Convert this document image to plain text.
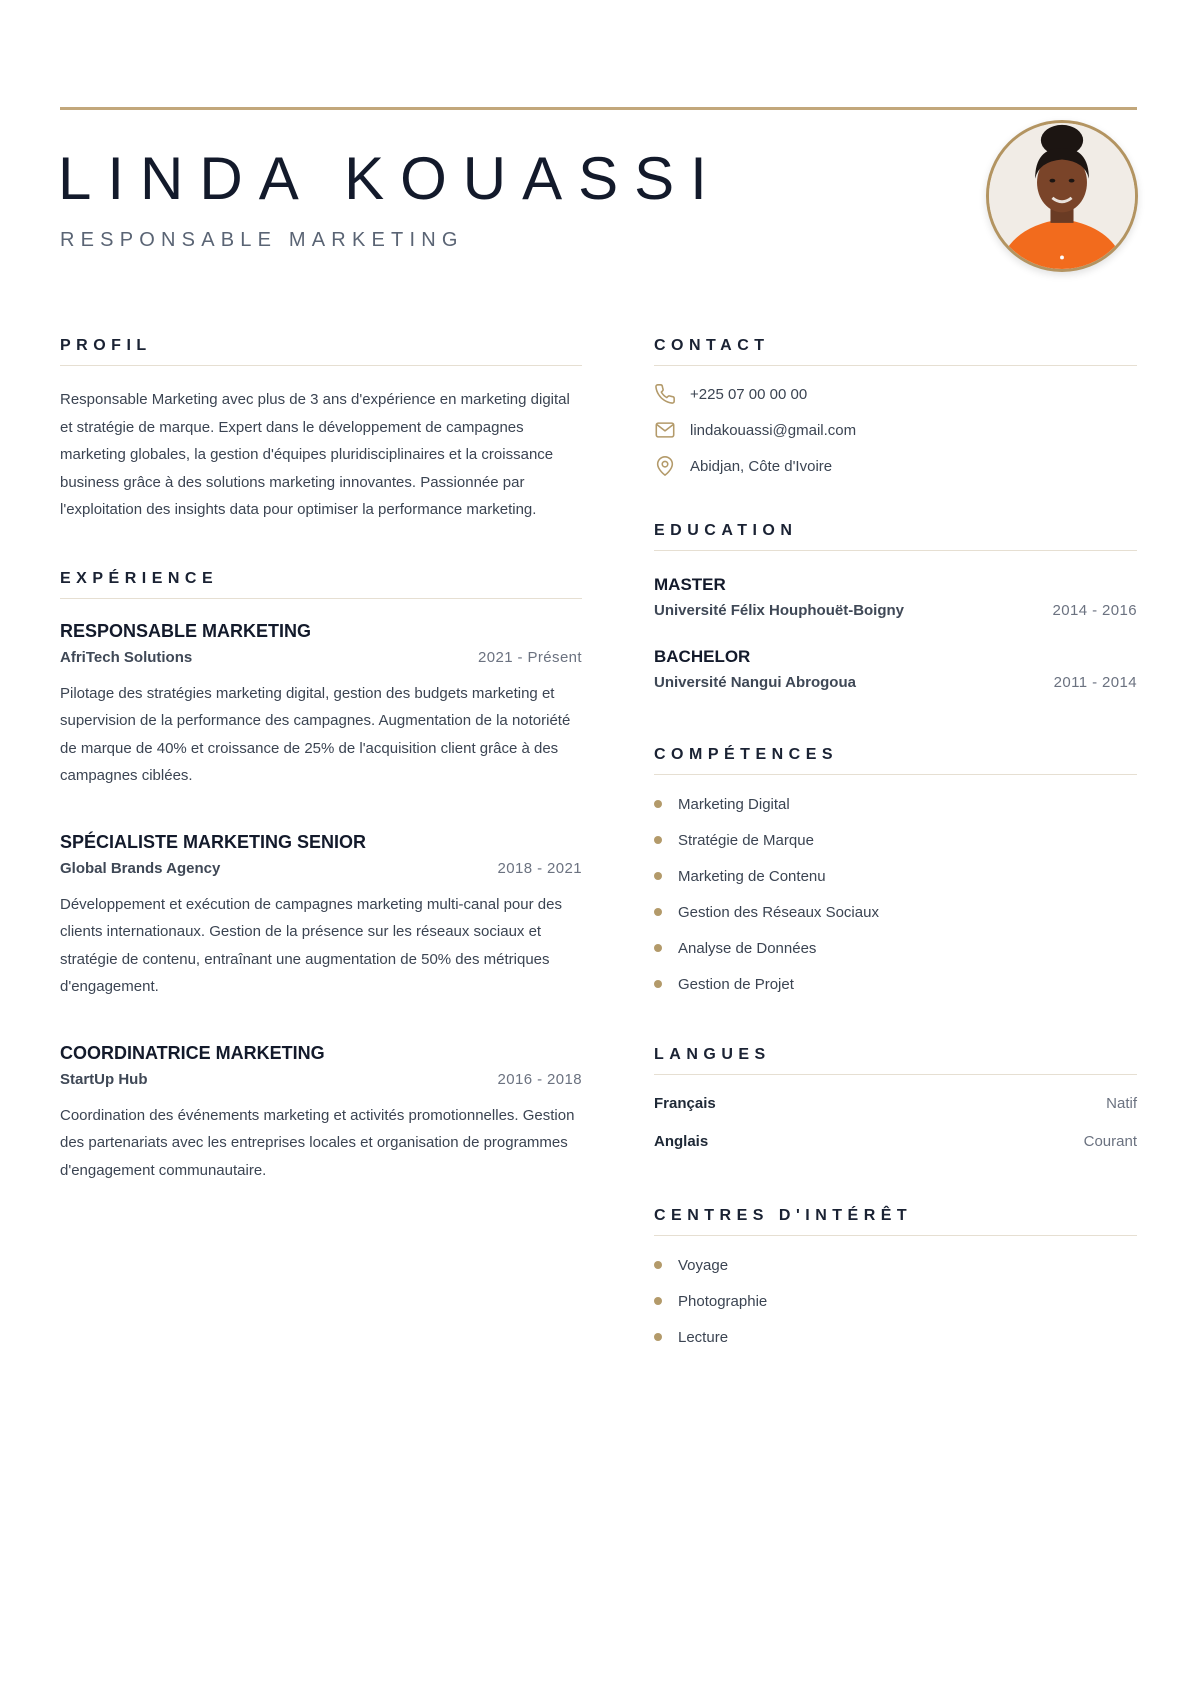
LINDA KOUASSI
RESPONSABLE MARKETING
PROFIL
Responsable Marketing avec plus de 3 ans d'expérience en marketing digital et stratégie de marque. Expert dans le développement de campagnes marketing globales, la gestion d'équipes pluridisciplinaires et la croissance business grâce à des solutions marketing innovantes. Passionnée par l'exploitation des insights data pour optimiser la performance marketing.
EXPÉRIENCE
RESPONSABLE MARKETING
AfriTech Solutions	2021 - Présent
Pilotage des stratégies marketing digital, gestion des budgets marketing et supervision de la performance des campagnes. Augmentation de la notoriété de marque de 40% et croissance de 25% de l'acquisition client grâce à des campagnes ciblées.
SPÉCIALISTE MARKETING SENIOR
Global Brands Agency	2018 - 2021
Développement et exécution de campagnes marketing multi-canal pour des clients internationaux. Gestion de la présence sur les réseaux sociaux et stratégie de contenu, entraînant une augmentation de 50% des métriques d'engagement.
COORDINATRICE MARKETING
StartUp Hub	2016 - 2018
Coordination des événements marketing et activités promotionnelles. Gestion des partenariats avec les entreprises locales et organisation de programmes d'engagement communautaire.
CONTACT
+225 07 00 00 00
lindakouassi@gmail.com
Abidjan, Côte d'Ivoire
EDUCATION
MASTER
Université Félix Houphouët-Boigny	2014 - 2016
BACHELOR
Université Nangui Abrogoua	2011 - 2014
COMPÉTENCES
Marketing Digital
Stratégie de Marque
Marketing de Contenu
Gestion des Réseaux Sociaux
Analyse de Données
Gestion de Projet
LANGUES
Français	Natif
Anglais	Courant
CENTRES D'INTÉRÊT
Voyage
Photographie
Lecture
